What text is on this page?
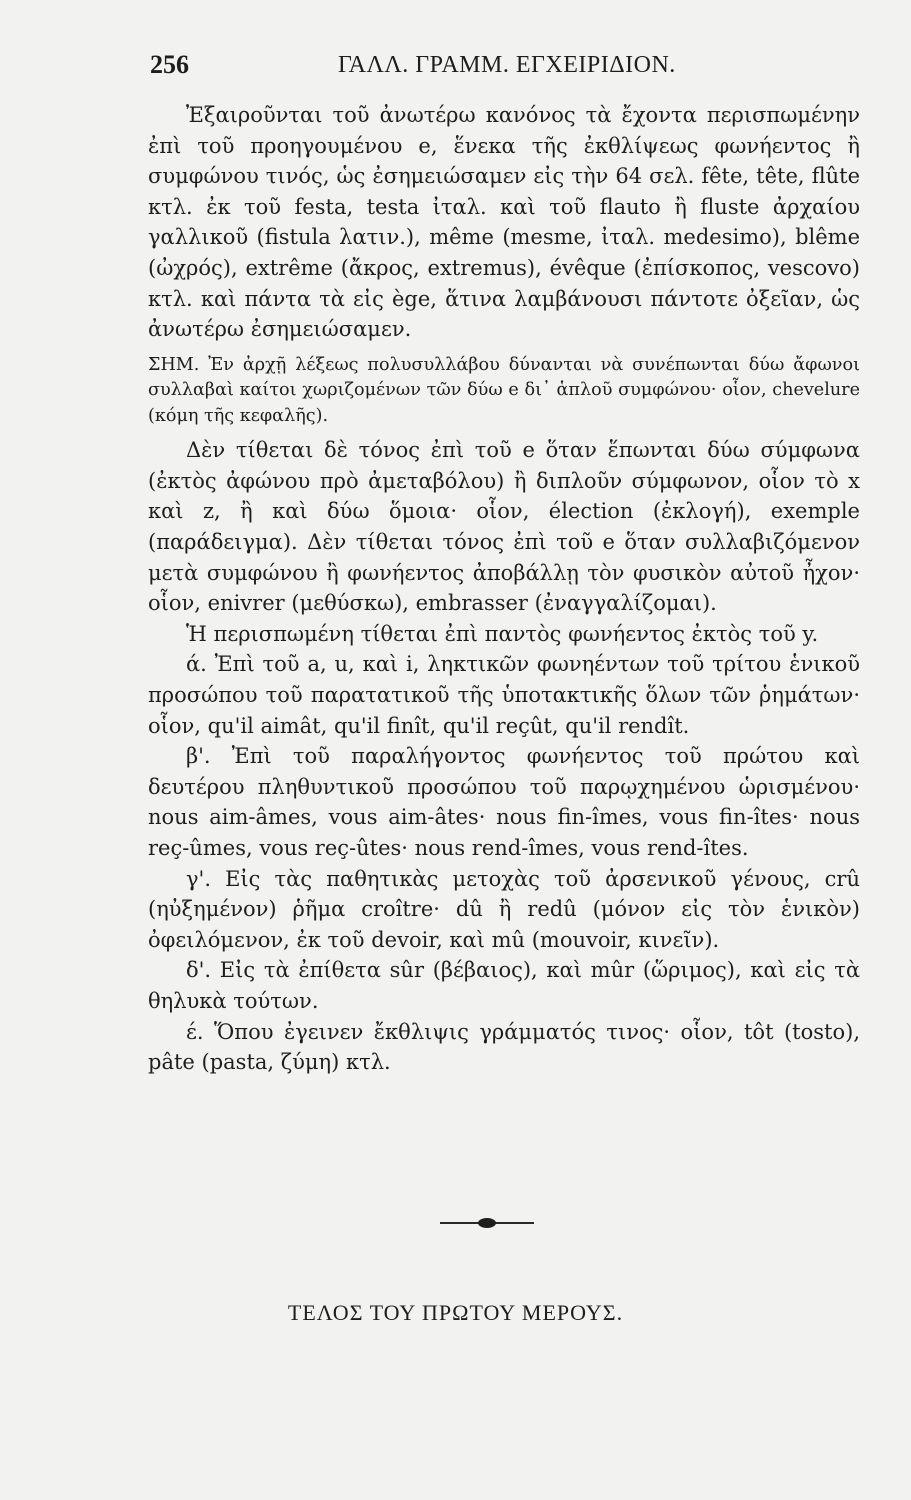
256	ΓΑΛΛ. ΓΡΑΜΜ. ΕΓΧΕΙΡΙΔΙΟΝ.

Ἐξαιροῦνται τοῦ ἀνωτέρω κανόνος τὰ ἔχοντα περισπωμένην ἐπὶ τοῦ προηγουμένου e, ἕνεκα τῆς ἐκθλίψεως φωνήεντος ἢ συμφώνου τινός, ὡς ἐσημειώσαμεν εἰς τὴν 64 σελ. fête, tête, flûte κτλ. ἐκ τοῦ festa, testa ἰταλ. καὶ τοῦ flauto ἢ fluste ἀρχαίου γαλλικοῦ (fistula λατιν.), même (mesme, ἰταλ. medesimo), blême (ὠχρός), extrême (ἄκρος, extremus), évêque (ἐπίσκοπος, vescovo) κτλ. καὶ πάντα τὰ εἰς ège, ἅτινα λαμβάνουσι πάντοτε ὀξεῖαν, ὡς ἀνωτέρω ἐσημειώσαμεν.

ΣΗΜ. Ἐν ἀρχῇ λέξεως πολυσυλλάβου δύνανται νὰ συνέπωνται δύω ἄφωνοι συλλαβαὶ καίτοι χωριζομένων τῶν δύω e δι᾽ ἁπλοῦ συμφώνου· οἷον, chevelure (κόμη τῆς κεφαλῆς).

Δὲν τίθεται δὲ τόνος ἐπὶ τοῦ e ὅταν ἕπωνται δύω σύμφωνα (ἐκτὸς ἀφώνου πρὸ ἀμεταβόλου) ἢ διπλοῦν σύμφωνον, οἷον τὸ x καὶ z, ἢ καὶ δύω ὅμοια· οἷον, élection (ἐκλογή), exemple (παράδειγμα). Δὲν τίθεται τόνος ἐπὶ τοῦ e ὅταν συλλαβιζόμενον μετὰ συμφώνου ἢ φωνήεντος ἀποβάλλῃ τὸν φυσικὸν αὐτοῦ ἦχον· οἷον, enivrer (μεθύσκω), embrasser (ἐναγγαλίζομαι).

Ἡ περισπωμένη τίθεται ἐπὶ παντὸς φωνήεντος ἐκτὸς τοῦ y.

ά. Ἐπὶ τοῦ a, u, καὶ i, ληκτικῶν φωνηέντων τοῦ τρίτου ἑνικοῦ προσώπου τοῦ παρατατικοῦ τῆς ὑποτακτικῆς ὅλων τῶν ῥημάτων· οἷον, qu'il aimât, qu'il finît, qu'il reçût, qu'il rendît.

β'. Ἐπὶ τοῦ παραλήγοντος φωνήεντος τοῦ πρώτου καὶ δευτέρου πληθυντικοῦ προσώπου τοῦ παρῳχημένου ὡρισμένου· nous aim-âmes, vous aim-âtes· nous fin-îmes, vous fin-îtes· nous reç-ûmes, vous reç-ûtes· nous rend-îmes, vous rend-îtes.

γ'. Εἰς τὰς παθητικὰς μετοχὰς τοῦ ἀρσενικοῦ γένους, crû (ηὐξημένον) ῥῆμα croître· dû ἢ redû (μόνον εἰς τὸν ἑνικὸν) ὀφειλόμενον, ἐκ τοῦ devoir, καὶ mû (mouvoir, κινεῖν).

δ'. Εἰς τὰ ἐπίθετα sûr (βέβαιος), καὶ mûr (ὥριμος), καὶ εἰς τὰ θηλυκὰ τούτων.

έ. Ὅπου ἐγεινεν ἔκθλιψις γράμματός τινος· οἷον, tôt (tosto), pâte (pasta, ζύμη) κτλ.

ΤΕΛΟΣ ΤΟΥ ΠΡΩΤΟΥ ΜΕΡΟΥΣ.
